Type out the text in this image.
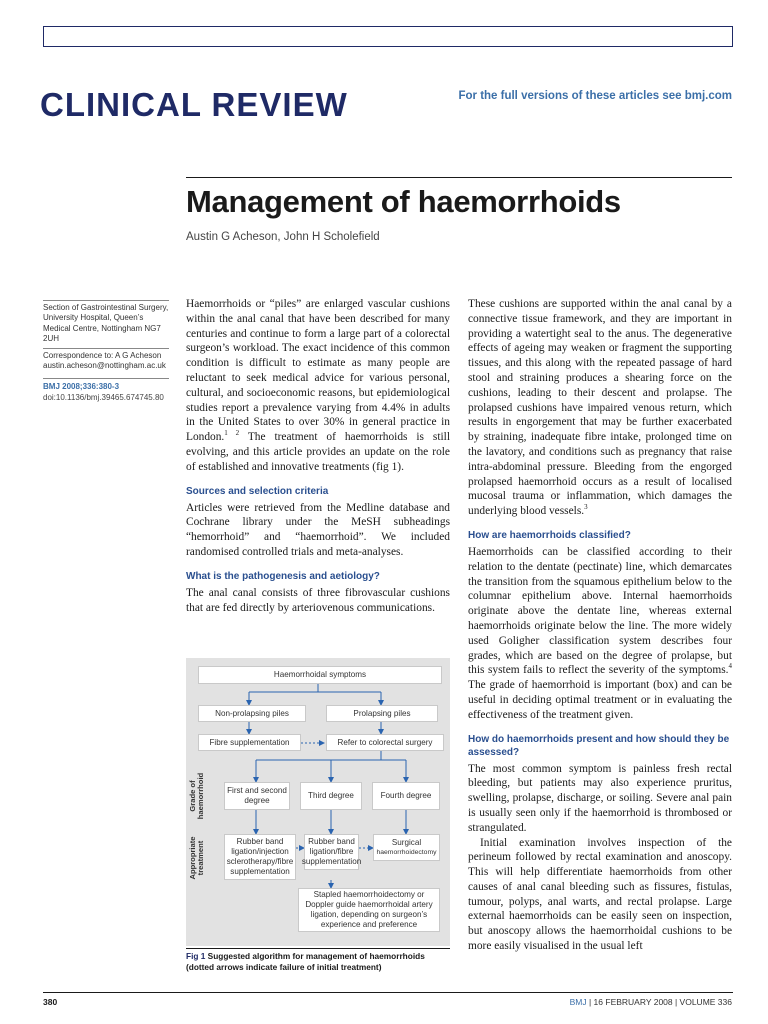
CLINICAL REVIEW	For the full versions of these articles see bmj.com
Management of haemorrhoids
Austin G Acheson, John H Scholefield
Section of Gastrointestinal Surgery, University Hospital, Queen’s Medical Centre, Nottingham NG7 2UH
Correspondence to: A G Acheson
austin.acheson@nottingham.ac.uk
BMJ 2008;336:380-3
doi:10.1136/bmj.39465.674745.80

Haemorrhoids or “piles” are enlarged vascular cushions within the anal canal that have been described for many centuries and continue to form a large part of a colorectal surgeon’s workload. The exact incidence of this common condition is difficult to estimate as many people are reluctant to seek medical advice for various personal, cultural, and socioeconomic reasons, but epidemiological studies report a prevalence varying from 4.4% in adults in the United States to over 30% in general practice in London.$^{1 2}$ The treatment of haemorrhoids is still evolving, and this article provides an update on the role of established and innovative treatments (fig 1).

Sources and selection criteria

Articles were retrieved from the Medline database and Cochrane library under the MeSH subheadings “hemorrhoid” and “haemorrhoid”. We included randomised controlled trials and meta-analyses.

What is the pathogenesis and aetiology?

The anal canal consists of three fibrovascular cushions that are fed directly by arteriovenous communications.

These cushions are supported within the anal canal by a connective tissue framework, and they are important in providing a watertight seal to the anus. The degenerative effects of ageing may weaken or fragment the supporting tissues, and this along with the repeated passage of hard stool and straining produces a shearing force on the cushions, leading to their descent and prolapse. The prolapsed cushions have impaired venous return, which results in engorgement that may be further exacerbated by straining, inadequate fibre intake, prolonged time on the lavatory, and conditions such as pregnancy that raise intra-abdominal pressure. Bleeding from the engorged prolapsed haemorrhoid occurs as a result of localised mucosal trauma or inflammation, which damages the underlying blood vessels.$^3$

How are haemorrhoids classified?

Haemorrhoids can be classified according to their relation to the dentate (pectinate) line, which demarcates the transition from the squamous epithelium below to the columnar epithelium above. Internal haemorrhoids originate above the dentate line, whereas external haemorrhoids originate below the line. The more widely used Goligher classification system describes four grades, which are based on the degree of prolapse, but this system fails to reflect the severity of the symptoms.$^4$ The grade of haemorrhoid is important (box) and can be useful in deciding optimal treatment or in evaluating the effectiveness of the treatment given.

How do haemorrhoids present and how should they be assessed?

The most common symptom is painless fresh rectal bleeding, but patients may also experience pruritus, swelling, prolapse, discharge, or soiling. Severe anal pain is usually seen only if the haemorrhoid is thrombosed or strangulated.

Initial examination involves inspection of the perineum followed by rectal examination and anoscopy. This will help differentiate haemorrhoids from other causes of anal canal bleeding such as fissures, fistulas, tumour, polyps, anal warts, and rectal prolapse. Large external haemorrhoids can be easily seen on inspection, but anoscopy allows the haemorrhoidal cushions to be more easily visualised in the usual left

Haemorrhoidal symptoms
Non-prolapsing piles	Prolapsing piles
Fibre supplementation	Refer to colorectal surgery
Grade of haemorrhoid	First and second degree
Third degree	Fourth degree
Appropriate treatment	Rubber band ligation/injection sclerotherapy/fibre supplementation
Rubber band ligation/fibre supplementation
Surgical
haemorrhoidectomy
Stapled haemorrhoidectomy or Doppler guide haemorrhoidal artery ligation, depending on surgeon’s experience and preference
Fig 1 Suggested algorithm for management of haemorrhoids (dotted arrows indicate failure of initial treatment)
380	BMJ | 16 FEBRUARY 2008 | VOLUME 336
